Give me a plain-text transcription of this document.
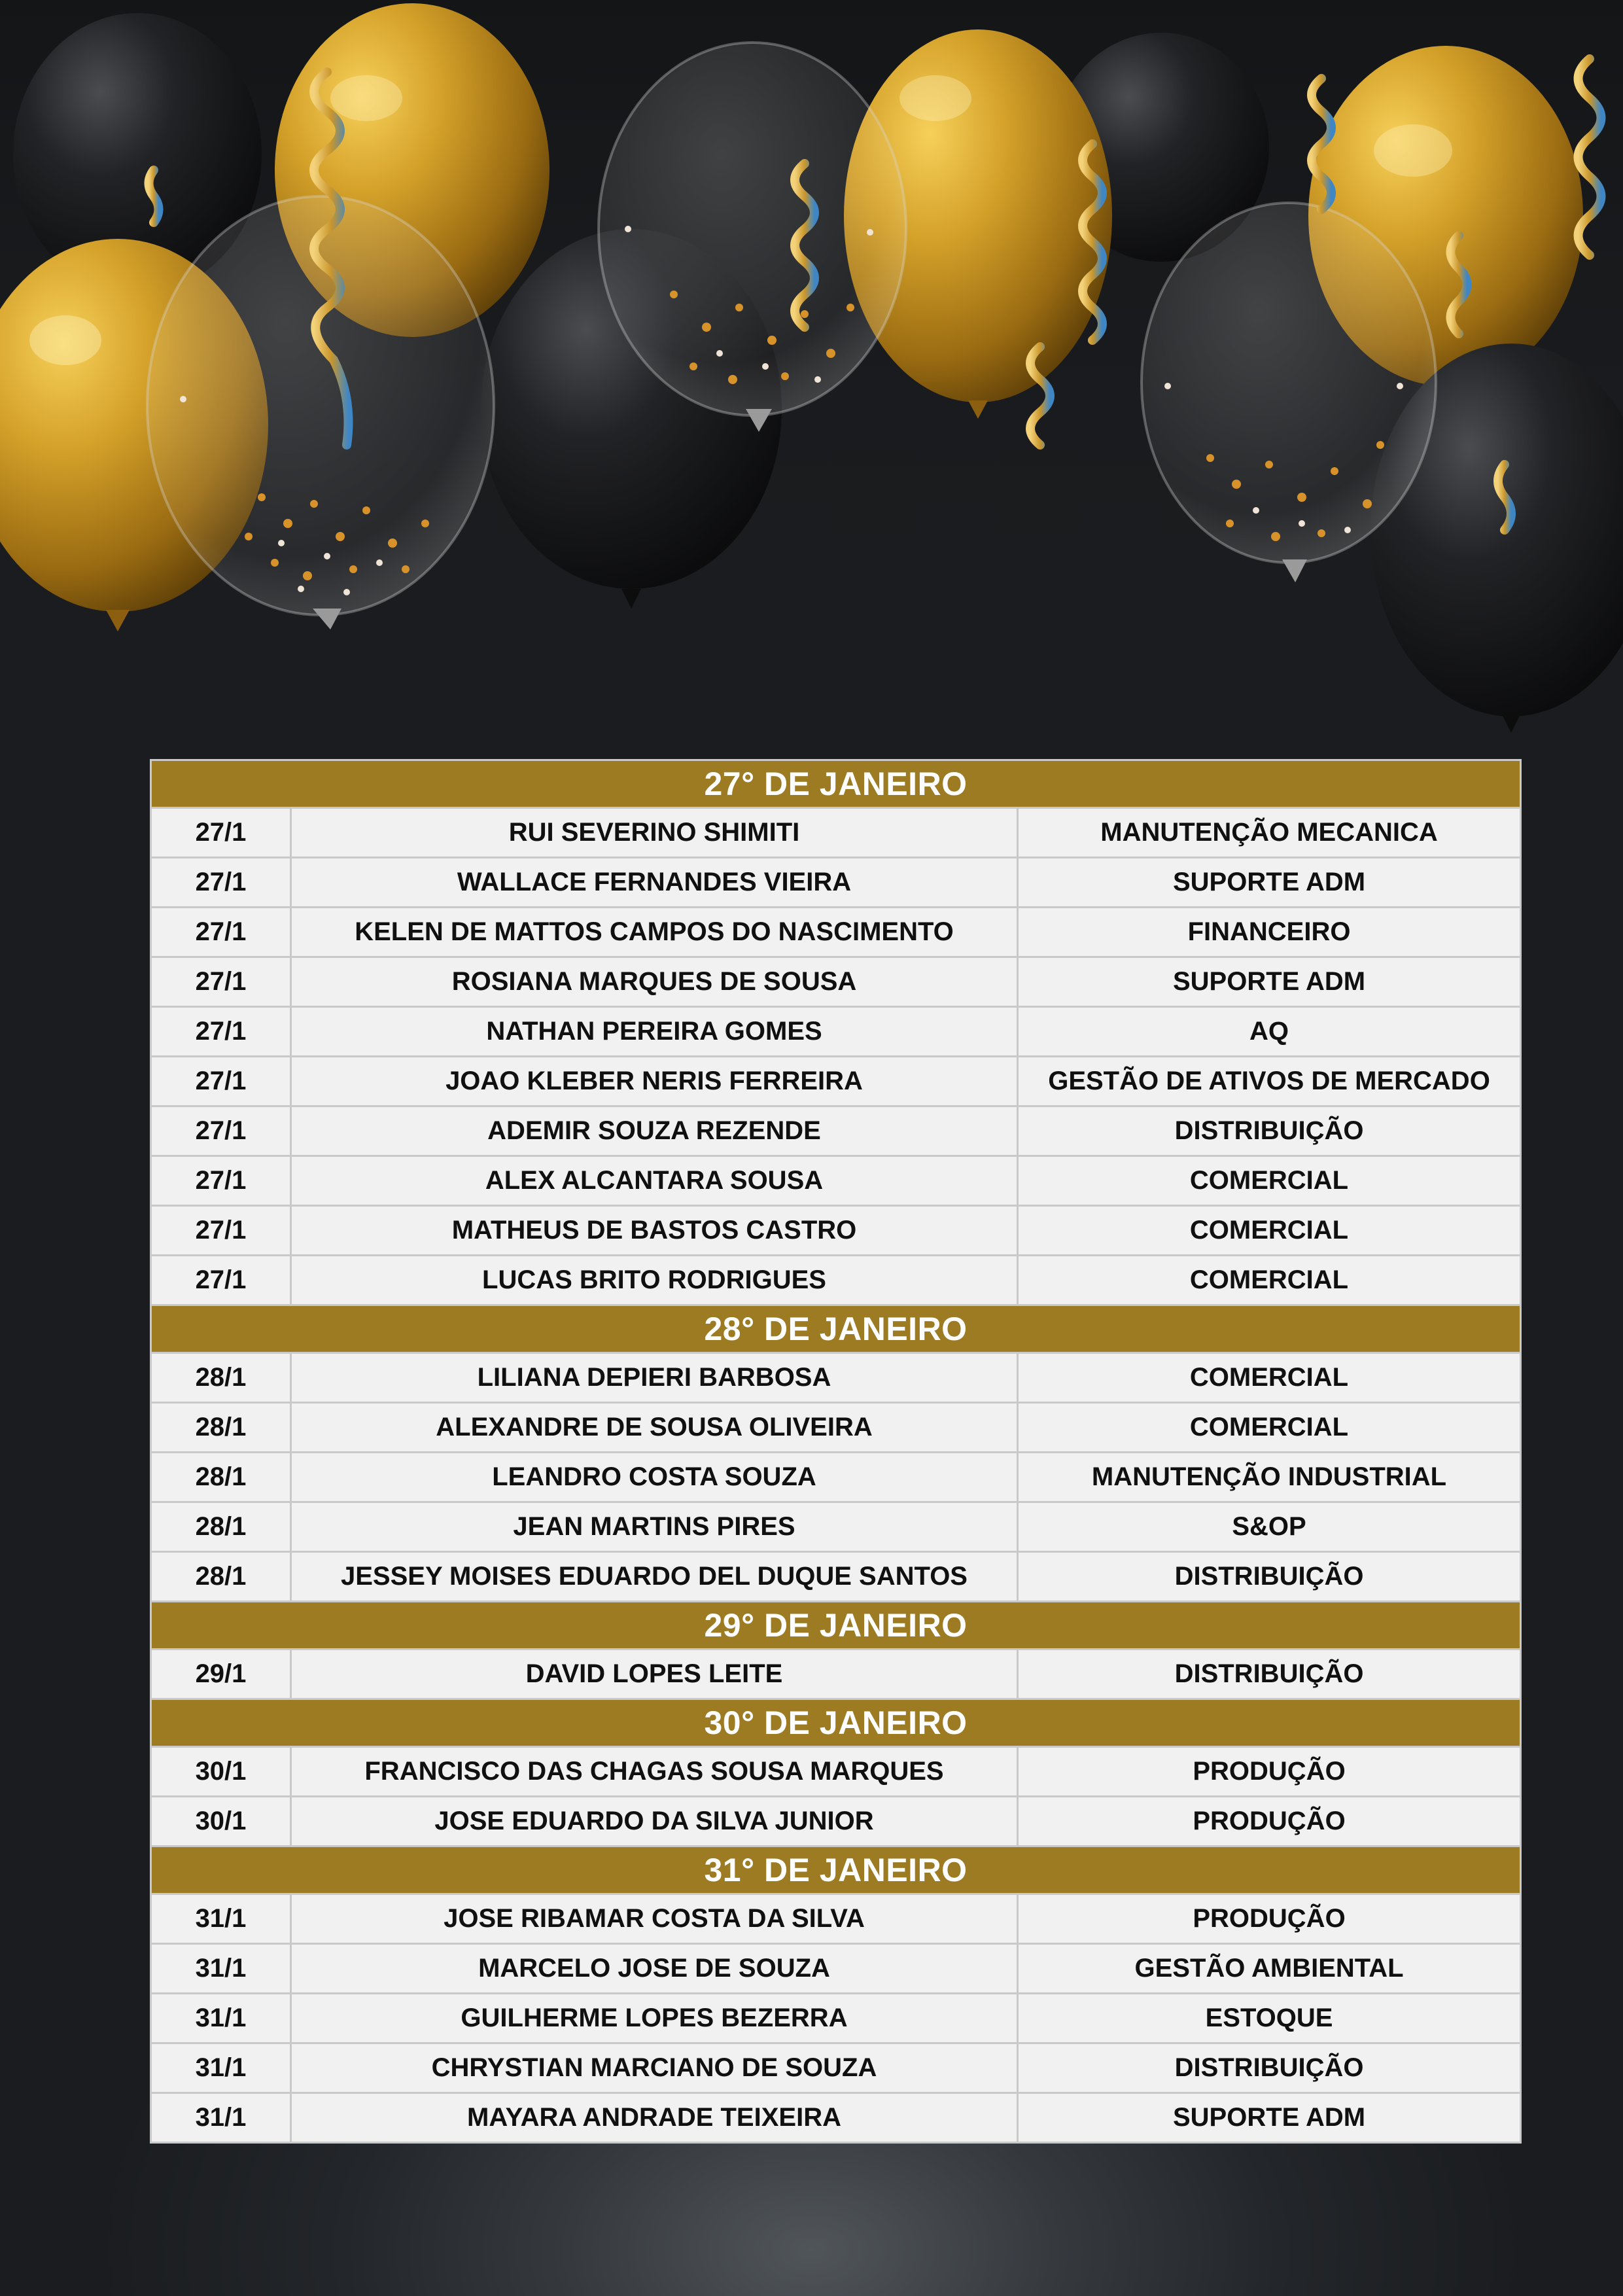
27° DE JANEIRO		
27/1	RUI SEVERINO SHIMITI	MANUTENÇÃO MECANICA
27/1	WALLACE FERNANDES VIEIRA	SUPORTE ADM
27/1	KELEN DE MATTOS CAMPOS DO NASCIMENTO	FINANCEIRO
27/1	ROSIANA MARQUES DE SOUSA	SUPORTE ADM
27/1	NATHAN PEREIRA GOMES	AQ
27/1	JOAO KLEBER NERIS FERREIRA	GESTÃO DE ATIVOS DE MERCADO
27/1	ADEMIR SOUZA REZENDE	DISTRIBUIÇÃO
27/1	ALEX ALCANTARA SOUSA	COMERCIAL
27/1	MATHEUS DE BASTOS CASTRO	COMERCIAL
27/1	LUCAS BRITO RODRIGUES	COMERCIAL
28° DE JANEIRO		
28/1	LILIANA DEPIERI BARBOSA	COMERCIAL
28/1	ALEXANDRE DE SOUSA OLIVEIRA	COMERCIAL
28/1	LEANDRO COSTA SOUZA	MANUTENÇÃO INDUSTRIAL
28/1	JEAN MARTINS PIRES	S&OP
28/1	JESSEY MOISES EDUARDO DEL DUQUE SANTOS	DISTRIBUIÇÃO
29° DE JANEIRO		
29/1	DAVID LOPES LEITE	DISTRIBUIÇÃO
30° DE JANEIRO		
30/1	FRANCISCO DAS CHAGAS SOUSA MARQUES	PRODUÇÃO
30/1	JOSE EDUARDO DA SILVA JUNIOR	PRODUÇÃO
31° DE JANEIRO		
31/1	JOSE RIBAMAR COSTA DA SILVA	PRODUÇÃO
31/1	MARCELO JOSE DE SOUZA	GESTÃO AMBIENTAL
31/1	GUILHERME LOPES BEZERRA	ESTOQUE
31/1	CHRYSTIAN MARCIANO DE SOUZA	DISTRIBUIÇÃO
31/1	MAYARA ANDRADE TEIXEIRA	SUPORTE ADM
